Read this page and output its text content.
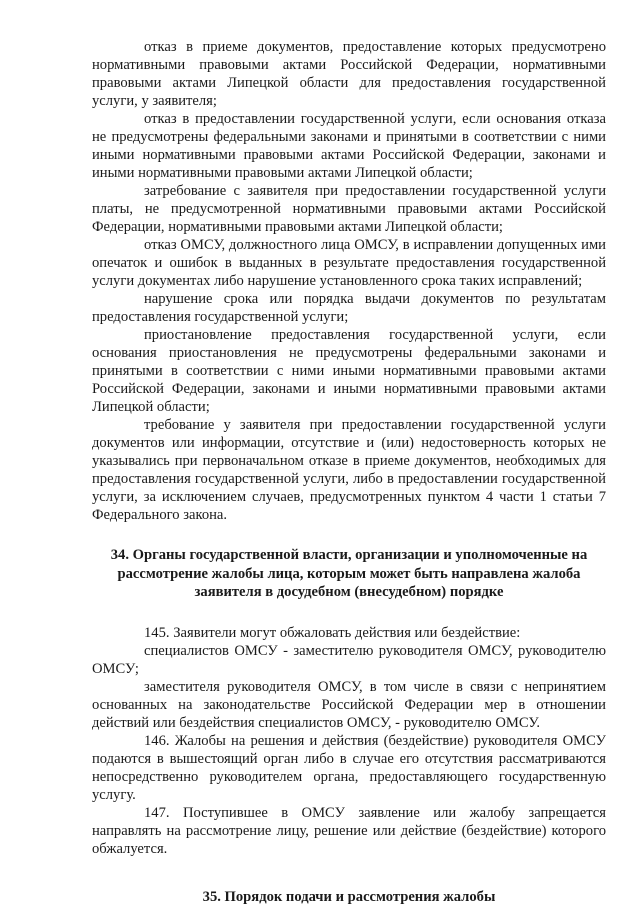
отказ в приеме документов, предоставление которых предусмотрено нормативными правовыми актами Российской Федерации, нормативными правовыми актами Липецкой области для предоставления государственной услуги, у заявителя;

отказ в предоставлении государственной услуги, если основания отказа не предусмотрены федеральными законами и принятыми в соответствии с ними иными нормативными правовыми актами Российской Федерации, законами и иными нормативными правовыми актами Липецкой области;

затребование с заявителя при предоставлении государственной услуги платы, не предусмотренной нормативными правовыми актами Российской Федерации, нормативными правовыми актами Липецкой области;

отказ ОМСУ, должностного лица ОМСУ, в исправлении допущенных ими опечаток и ошибок в выданных в результате предоставления государственной услуги документах либо нарушение установленного срока таких исправлений;

нарушение срока или порядка выдачи документов по результатам предоставления государственной услуги;

приостановление предоставления государственной услуги, если основания приостановления не предусмотрены федеральными законами и принятыми в соответствии с ними иными нормативными правовыми актами Российской Федерации, законами и иными нормативными правовыми актами Липецкой области;

требование у заявителя при предоставлении государственной услуги документов или информации, отсутствие и (или) недостоверность которых не указывались при первоначальном отказе в приеме документов, необходимых для предоставления государственной услуги, либо в предоставлении государственной услуги, за исключением случаев, предусмотренных пунктом 4 части 1 статьи 7 Федерального закона.

34. Органы государственной власти, организации и уполномоченные на рассмотрение жалобы лица, которым может быть направлена жалоба заявителя в досудебном (внесудебном) порядке

145. Заявители могут обжаловать действия или бездействие:

специалистов ОМСУ - заместителю руководителя ОМСУ, руководителю ОМСУ;

заместителя руководителя ОМСУ, в том числе в связи с непринятием основанных на законодательстве Российской Федерации мер в отношении действий или бездействия специалистов ОМСУ, - руководителю ОМСУ.

146. Жалобы на решения и действия (бездействие) руководителя ОМСУ подаются в вышестоящий орган либо в случае его отсутствия рассматриваются непосредственно руководителем органа, предоставляющего государственную услугу.

147. Поступившее в ОМСУ заявление или жалобу запрещается направлять на рассмотрение лицу, решение или действие (бездействие) которого обжалуется.

35. Порядок подачи и рассмотрения жалобы
